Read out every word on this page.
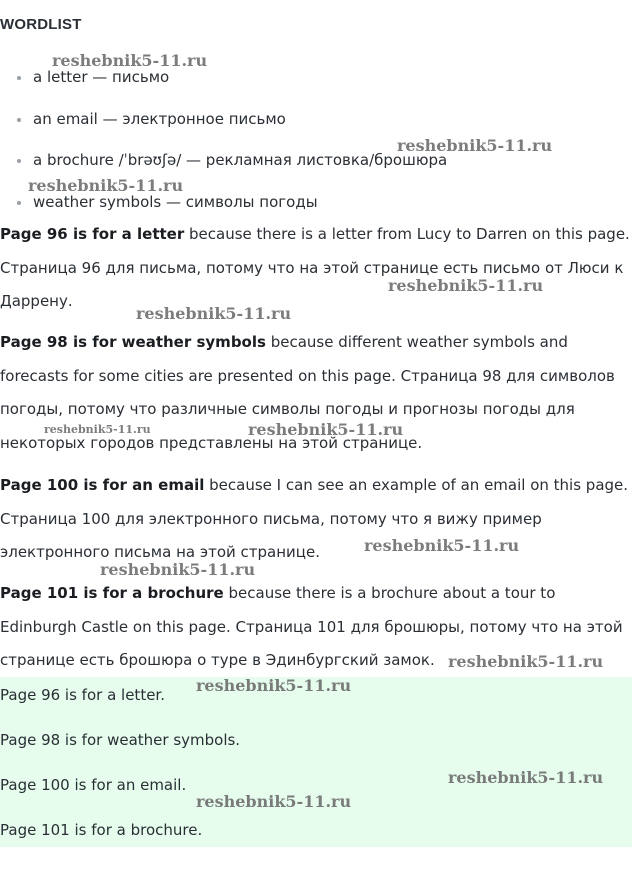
WORDLIST
a letter — письмо
an email — электронное письмо
a brochure /ˈbrəʊʃə/ — рекламная листовка/брошюра
weather symbols — символы погоды

Page 96 is for a letter because there is a letter from Lucy to Darren on this page. Страница 96 для письма, потому что на этой странице есть письмо от Люси к Даррену.

Page 98 is for weather symbols because different weather symbols and forecasts for some cities are presented on this page. Страница 98 для символов погоды, потому что различные символы погоды и прогнозы погоды для некоторых городов представлены на этой странице.

Page 100 is for an email because I can see an example of an email on this page. Страница 100 для электронного письма, потому что я вижу пример электронного письма на этой странице.

Page 101 is for a brochure because there is a brochure about a tour to Edinburgh Castle on this page. Страница 101 для брошюры, потому что на этой странице есть брошюра о туре в Эдинбургский замок.

Page 96 is for a letter.
Page 98 is for weather symbols.
Page 100 is for an email.
Page 101 is for a brochure.
reshebnik5-11.ru
reshebnik5-11.ru
reshebnik5-11.ru
reshebnik5-11.ru
reshebnik5-11.ru
reshebnik5-11.ru	reshebnik5-11.ru
reshebnik5-11.ru
reshebnik5-11.ru
reshebnik5-11.ru
reshebnik5-11.ru
reshebnik5-11.ru
reshebnik5-11.ru
